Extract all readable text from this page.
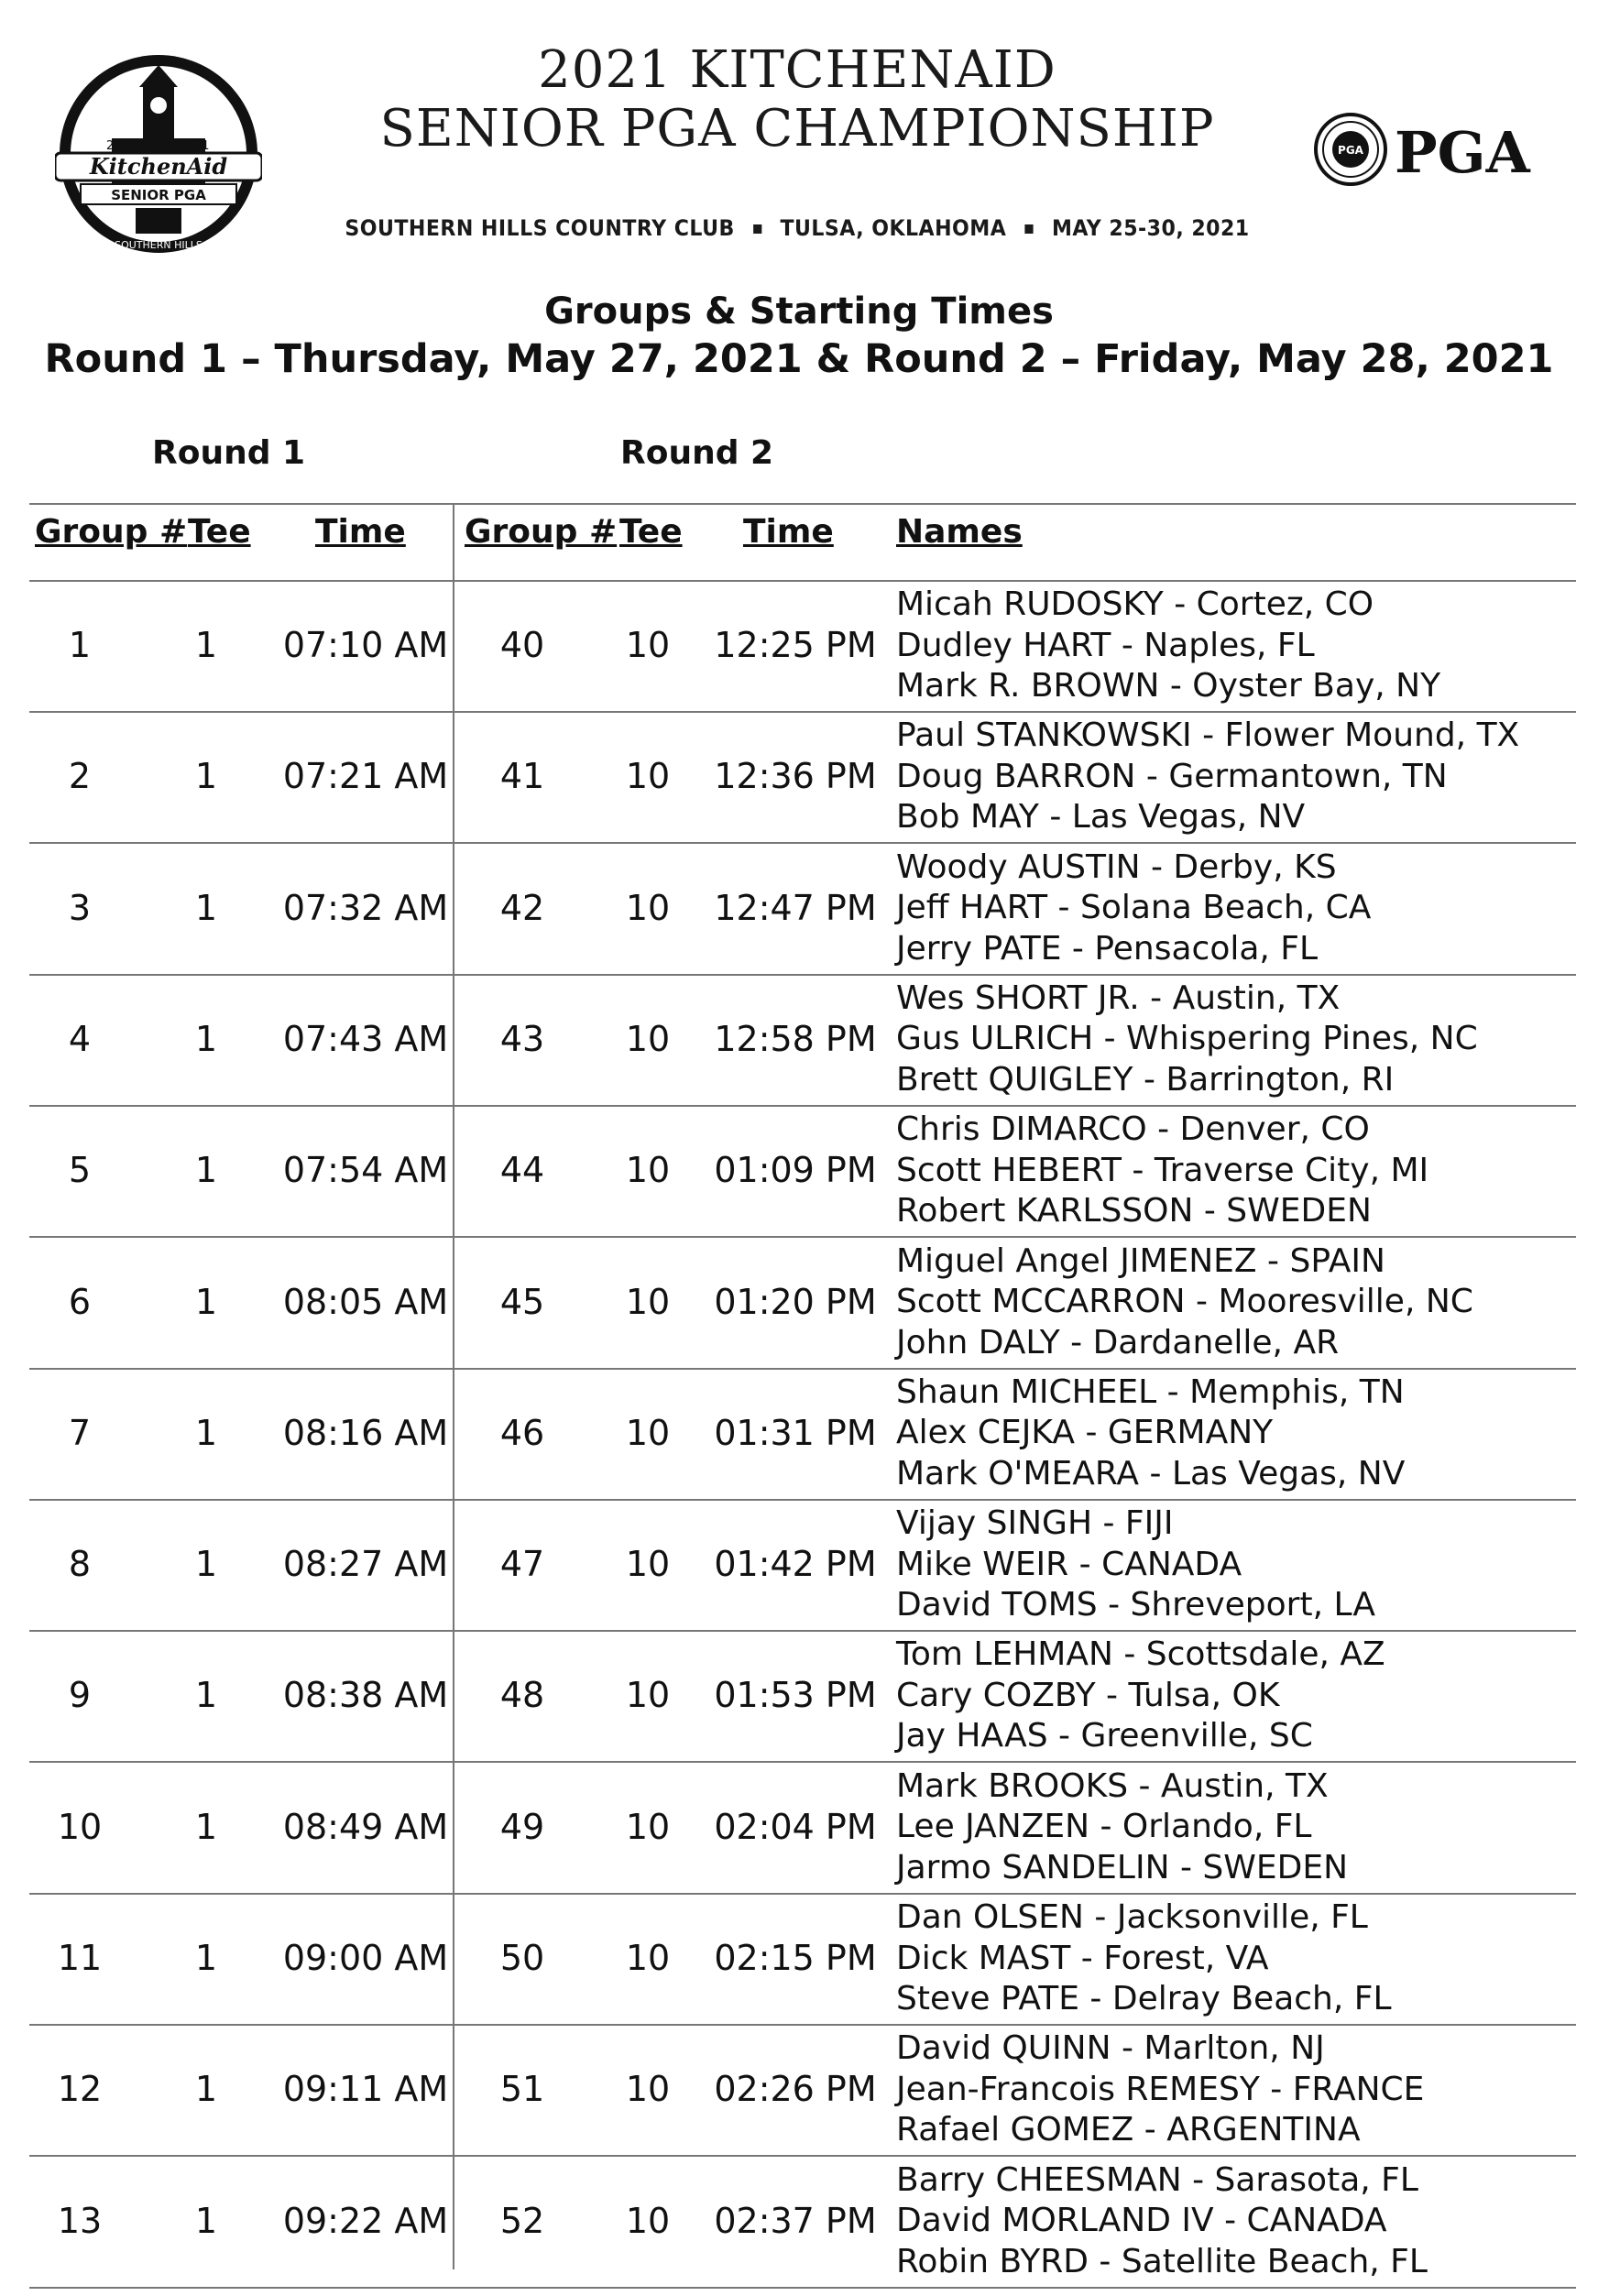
20	21
KitchenAid
SENIOR PGA
SOUTHERN HILLS
2021 KITCHENAID
SENIOR PGA CHAMPIONSHIP
SOUTHERN HILLS COUNTRY CLUB TULSA, OKLAHOMA MAY 25-30, 2021
PGA PGA
Groups & Starting Times
Round 1 – Thursday, May 27, 2021 & Round 2 – Friday, May 28, 2021
Round 1	Round 2
Group # Tee Time Group # Tee Time Names
1	1	07:10 AM	40	10	12:25 PM
Micah RUDOSKY - Cortez, CO
Dudley HART - Naples, FL
Mark R. BROWN - Oyster Bay, NY
2	1	07:21 AM	41	10	12:36 PM
Paul STANKOWSKI - Flower Mound, TX
Doug BARRON - Germantown, TN
Bob MAY - Las Vegas, NV
3	1	07:32 AM	42	10	12:47 PM
Woody AUSTIN - Derby, KS
Jeff HART - Solana Beach, CA
Jerry PATE - Pensacola, FL
4	1	07:43 AM	43	10	12:58 PM
Wes SHORT JR. - Austin, TX
Gus ULRICH - Whispering Pines, NC
Brett QUIGLEY - Barrington, RI
5	1	07:54 AM	44	10	01:09 PM
Chris DIMARCO - Denver, CO
Scott HEBERT - Traverse City, MI
Robert KARLSSON - SWEDEN
6	1	08:05 AM	45	10	01:20 PM
Miguel Angel JIMENEZ - SPAIN
Scott MCCARRON - Mooresville, NC
John DALY - Dardanelle, AR
7	1	08:16 AM	46	10	01:31 PM
Shaun MICHEEL - Memphis, TN
Alex CEJKA - GERMANY
Mark O'MEARA - Las Vegas, NV
8	1	08:27 AM	47	10	01:42 PM
Vijay SINGH - FIJI
Mike WEIR - CANADA
David TOMS - Shreveport, LA
9	1	08:38 AM	48	10	01:53 PM
Tom LEHMAN - Scottsdale, AZ
Cary COZBY - Tulsa, OK
Jay HAAS - Greenville, SC
10	1	08:49 AM	49	10	02:04 PM
Mark BROOKS - Austin, TX
Lee JANZEN - Orlando, FL
Jarmo SANDELIN - SWEDEN
11	1	09:00 AM	50	10	02:15 PM
Dan OLSEN - Jacksonville, FL
Dick MAST - Forest, VA
Steve PATE - Delray Beach, FL
12	1	09:11 AM	51	10	02:26 PM
David QUINN - Marlton, NJ
Jean-Francois REMESY - FRANCE
Rafael GOMEZ - ARGENTINA
13	1	09:22 AM	52	10	02:37 PM
Barry CHEESMAN - Sarasota, FL
David MORLAND IV - CANADA
Robin BYRD - Satellite Beach, FL
